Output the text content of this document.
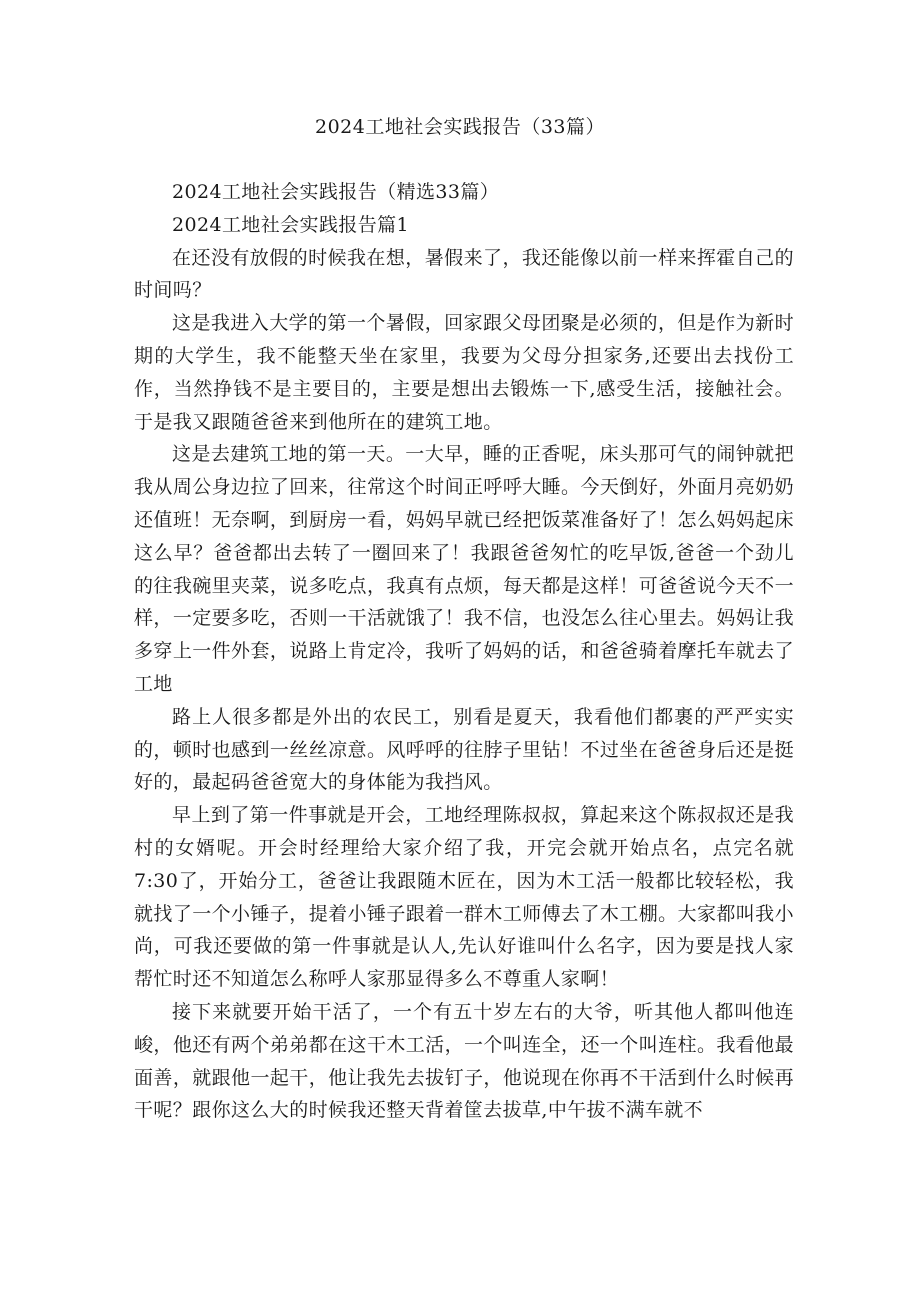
2024工地社会实践报告（33篇）

2024工地社会实践报告（精选33篇）

2024工地社会实践报告篇1

在还没有放假的时候我在想，暑假来了，我还能像以前一样来挥霍自己的时间吗？

这是我进入大学的第一个暑假，回家跟父母团聚是必须的，但是作为新时期的大学生，我不能整天坐在家里，我要为父母分担家务,还要出去找份工作，当然挣钱不是主要目的，主要是想出去锻炼一下,感受生活，接触社会。于是我又跟随爸爸来到他所在的建筑工地。

这是去建筑工地的第一天。一大早，睡的正香呢，床头那可气的闹钟就把我从周公身边拉了回来，往常这个时间正呼呼大睡。今天倒好，外面月亮奶奶还值班！无奈啊，到厨房一看，妈妈早就已经把饭菜准备好了！怎么妈妈起床这么早？爸爸都出去转了一圈回来了！我跟爸爸匆忙的吃早饭,爸爸一个劲儿的往我碗里夹菜，说多吃点，我真有点烦，每天都是这样！可爸爸说今天不一样，一定要多吃，否则一干活就饿了！我不信，也没怎么往心里去。妈妈让我多穿上一件外套，说路上肯定冷，我听了妈妈的话，和爸爸骑着摩托车就去了工地

路上人很多都是外出的农民工，别看是夏天，我看他们都裹的严严实实的，顿时也感到一丝丝凉意。风呼呼的往脖子里钻！不过坐在爸爸身后还是挺好的，最起码爸爸宽大的身体能为我挡风。

早上到了第一件事就是开会，工地经理陈叔叔，算起来这个陈叔叔还是我村的女婿呢。开会时经理给大家介绍了我，开完会就开始点名，点完名就7:30了，开始分工，爸爸让我跟随木匠在，因为木工活一般都比较轻松，我就找了一个小锤子，提着小锤子跟着一群木工师傅去了木工棚。大家都叫我小尚，可我还要做的第一件事就是认人,先认好谁叫什么名字，因为要是找人家帮忙时还不知道怎么称呼人家那显得多么不尊重人家啊！

接下来就要开始干活了，一个有五十岁左右的大爷，听其他人都叫他连峻，他还有两个弟弟都在这干木工活，一个叫连全，还一个叫连柱。我看他最面善，就跟他一起干，他让我先去拔钉子，他说现在你再不干活到什么时候再干呢？跟你这么大的时候我还整天背着筐去拔草,中午拔不满车就不
